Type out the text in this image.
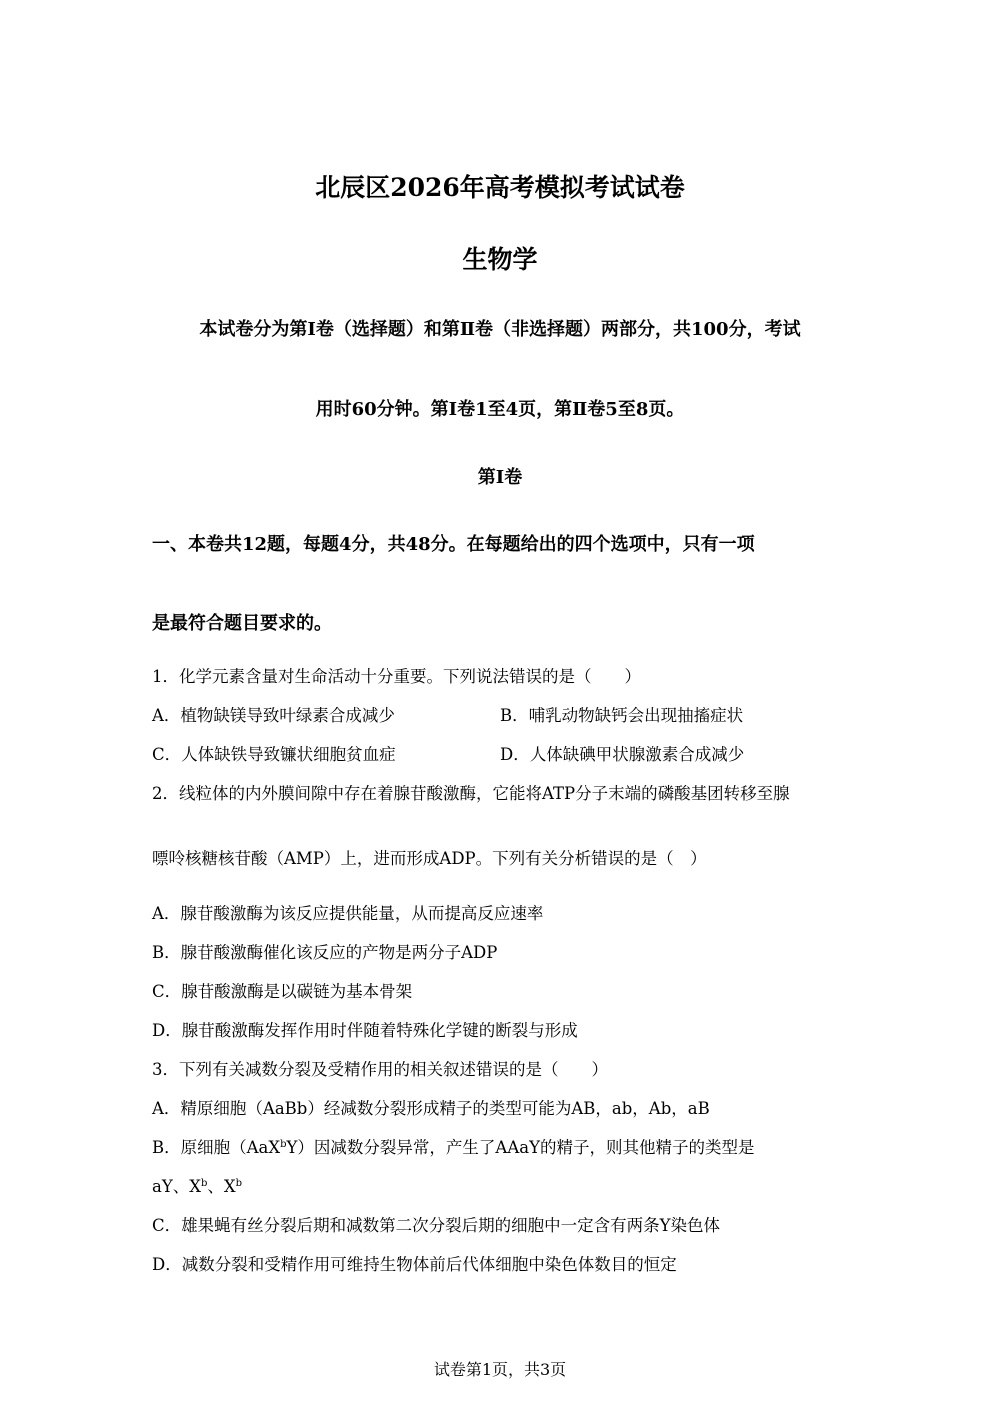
北辰区2026年高考模拟考试试卷
生物学
本试卷分为第Ⅰ卷（选择题）和第Ⅱ卷（非选择题）两部分，共100分，考试
用时60分钟。第Ⅰ卷1至4页，第Ⅱ卷5至8页。
第Ⅰ卷
一、本卷共12题，每题4分，共48分。在每题给出的四个选项中，只有一项
是最符合题目要求的。
1．化学元素含量对生命活动十分重要。下列说法错误的是（　　）
A．植物缺镁导致叶绿素合成减少	B．哺乳动物缺钙会出现抽搐症状
C．人体缺铁导致镰状细胞贫血症	D．人体缺碘甲状腺激素合成减少
2．线粒体的内外膜间隙中存在着腺苷酸激酶，它能将ATP分子末端的磷酸基团转移至腺
嘌呤核糖核苷酸（AMP）上，进而形成ADP。下列有关分析错误的是（　）
A．腺苷酸激酶为该反应提供能量，从而提高反应速率
B．腺苷酸激酶催化该反应的产物是两分子ADP
C．腺苷酸激酶是以碳链为基本骨架
D．腺苷酸激酶发挥作用时伴随着特殊化学键的断裂与形成
3．下列有关减数分裂及受精作用的相关叙述错误的是（　　）
A．精原细胞（AaBb）经减数分裂形成精子的类型可能为AB，ab，Ab，aB
B．原细胞（AaX$^b$Y）因减数分裂异常，产生了AAaY的精子，则其他精子的类型是
aY、$X^b$、$X^b$
C．雄果蝇有丝分裂后期和减数第二次分裂后期的细胞中一定含有两条Y染色体
D．减数分裂和受精作用可维持生物体前后代体细胞中染色体数目的恒定
试卷第1页，共3页
